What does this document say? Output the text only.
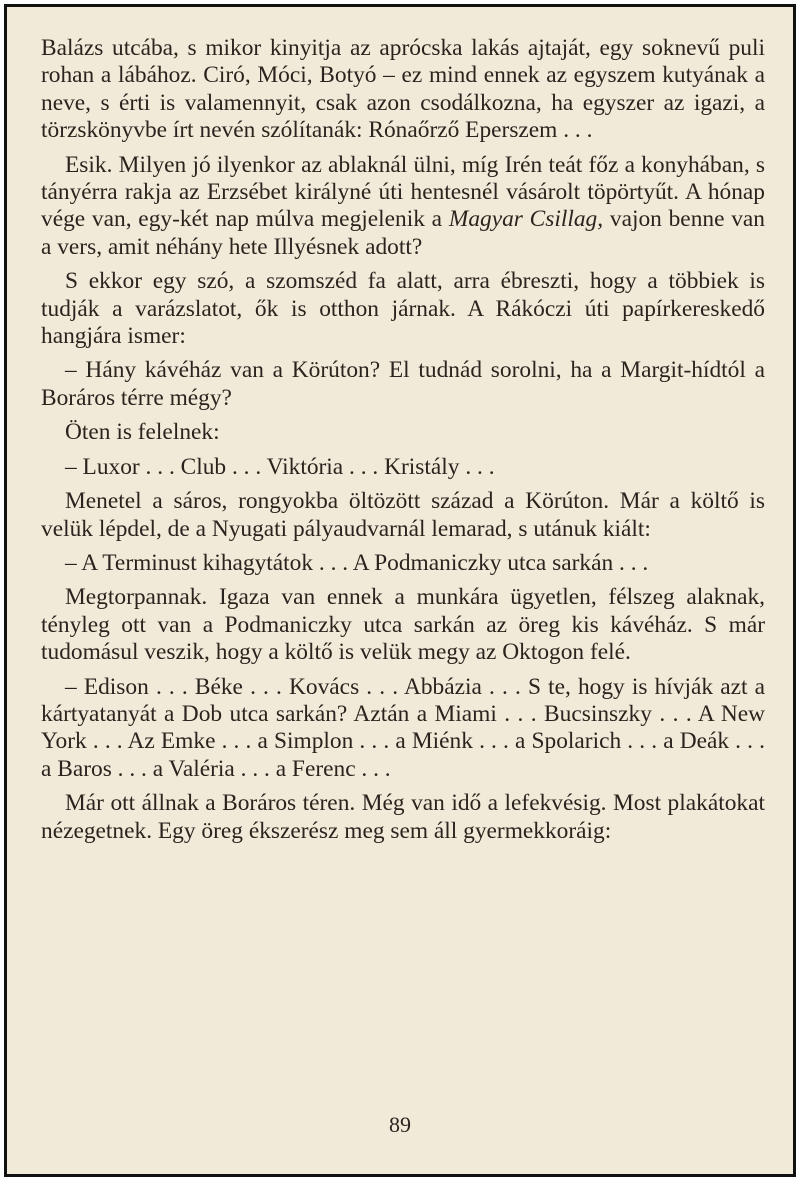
Balázs utcába, s mikor kinyitja az aprócska lakás ajtaját, egy soknevű puli rohan a lábához. Ciró, Móci, Botyó – ez mind ennek az egyszem kutyának a neve, s érti is valamennyit, csak azon csodálkozna, ha egyszer az igazi, a törzskönyvbe írt nevén szólítanák: Rónaőrző Eperszem . . .

Esik. Milyen jó ilyenkor az ablaknál ülni, míg Irén teát főz a konyhában, s tányérra rakja az Erzsébet királyné úti hentesnél vásárolt töpörtyűt. A hónap vége van, egy-két nap múlva megjelenik a Magyar Csillag, vajon benne van a vers, amit néhány hete Illyésnek adott?

S ekkor egy szó, a szomszéd fa alatt, arra ébreszti, hogy a többiek is tudják a varázslatot, ők is otthon járnak. A Rákóczi úti papírkereskedő hangjára ismer:

– Hány kávéház van a Körúton? El tudnád sorolni, ha a Margit-hídtól a Boráros térre mégy?

Öten is felelnek:

– Luxor . . . Club . . . Viktória . . . Kristály . . .

Menetel a sáros, rongyokba öltözött század a Körúton. Már a költő is velük lépdel, de a Nyugati pályaudvarnál lemarad, s utánuk kiált:

– A Terminust kihagytátok . . . A Podmaniczky utca sarkán . . .

Megtorpannak. Igaza van ennek a munkára ügyetlen, félszeg alaknak, tényleg ott van a Podmaniczky utca sarkán az öreg kis kávéház. S már tudomásul veszik, hogy a költő is velük megy az Oktogon felé.

– Edison . . . Béke . . . Kovács . . . Abbázia . . . S te, hogy is hívják azt a kártyatanyát a Dob utca sarkán? Aztán a Miami . . . Bucsinszky . . . A New York . . . Az Emke . . . a Simplon . . . a Miénk . . . a Spolarich . . . a Deák . . . a Baros . . . a Valéria . . . a Ferenc . . .

Már ott állnak a Boráros téren. Még van idő a lefekvésig. Most plakátokat nézegetnek. Egy öreg ékszerész meg sem áll gyermekkoráig:

89
